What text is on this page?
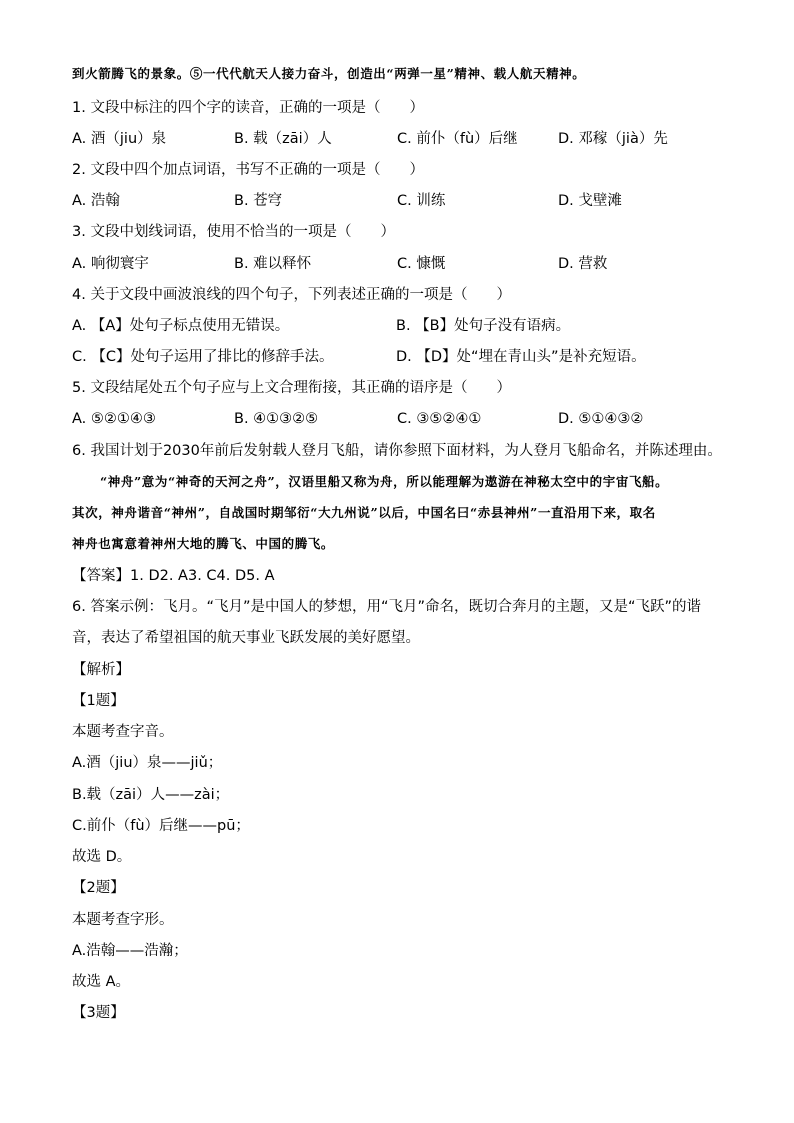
到火箭腾飞的景象。⑤一代代航天人接力奋斗，创造出“两弹一星”精神、载人航天精神。
1. 文段中标注的四个字的读音，正确的一项是（　　）
A. 酒（jiu）泉	B. 载（zāi）人	C. 前仆（fù）后继	D. 邓稼（jià）先
2. 文段中四个加点词语，书写不正确的一项是（　　）
A. 浩翰	B. 苍穹	C. 训练	D. 戈壁滩
3. 文段中划线词语，使用不恰当的一项是（　　）
A. 响彻寰宇	B. 难以释怀	C. 慷慨	D. 营救
4. 关于文段中画波浪线的四个句子，下列表述正确的一项是（　　）
A. 【A】处句子标点使用无错误。	B. 【B】处句子没有语病。
C. 【C】处句子运用了排比的修辞手法。	D. 【D】处“埋在青山头”是补充短语。
5. 文段结尾处五个句子应与上文合理衔接，其正确的语序是（　　）
A. ⑤②①④③	B. ④①③②⑤	C. ③⑤②④①	D. ⑤①④③②
6. 我国计划于2030年前后发射载人登月飞船，请你参照下面材料，为人登月飞船命名，并陈述理由。
“神舟”意为“神奇的天河之舟”，汉语里船又称为舟，所以能理解为遨游在神秘太空中的宇宙飞船。
其次，神舟谐音“神州”，自战国时期邹衍“大九州说”以后，中国名曰“赤县神州”一直沿用下来，取名
神舟也寓意着神州大地的腾飞、中国的腾飞。
【答案】1. D2. A3. C4. D5. A
6. 答案示例：飞月。“飞月”是中国人的梦想，用“飞月”命名，既切合奔月的主题，又是“飞跃”的谐
音，表达了希望祖国的航天事业飞跃发展的美好愿望。
【解析】
【1题】
本题考查字音。
A.酒（jiu）泉——jiǔ；
B.载（zāi）人——zài；
C.前仆（fù）后继——pū；
故选 D。
【2题】
本题考查字形。
A.浩翰——浩瀚；
故选 A。
【3题】
